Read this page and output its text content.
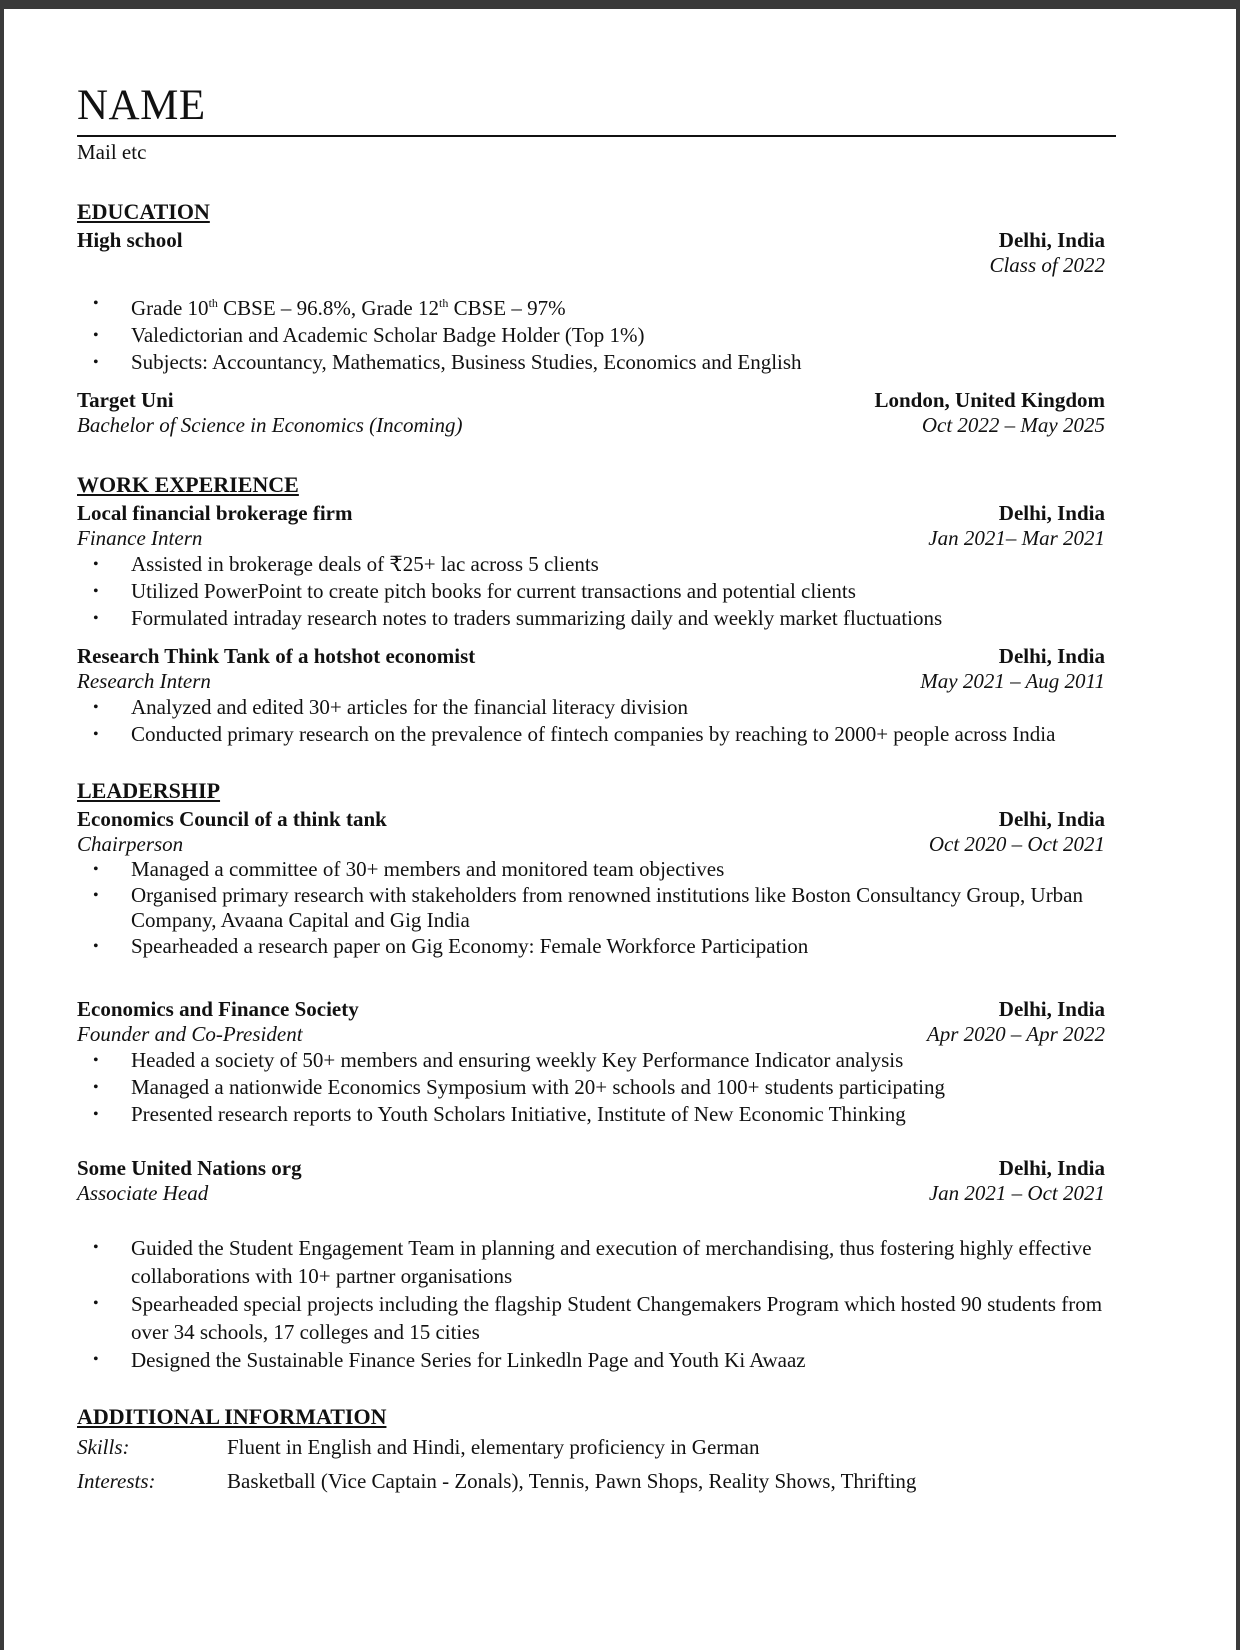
NAME
Mail etc
EDUCATION
High school	Delhi, India
Class of 2022
• Grade 10th CBSE – 96.8%, Grade 12th CBSE – 97%
• Valedictorian and Academic Scholar Badge Holder (Top 1%)
• Subjects: Accountancy, Mathematics, Business Studies, Economics and English
Target Uni	London, United Kingdom
Bachelor of Science in Economics (Incoming)	Oct 2022 – May 2025
WORK EXPERIENCE
Local financial brokerage firm	Delhi, India
Finance Intern	Jan 2021– Mar 2021
• Assisted in brokerage deals of ₹25+ lac across 5 clients
• Utilized PowerPoint to create pitch books for current transactions and potential clients
• Formulated intraday research notes to traders summarizing daily and weekly market fluctuations
Research Think Tank of a hotshot economist	Delhi, India
Research Intern	May 2021 – Aug 2011
• Analyzed and edited 30+ articles for the financial literacy division
• Conducted primary research on the prevalence of fintech companies by reaching to 2000+ people across India
LEADERSHIP
Economics Council of a think tank	Delhi, India
Chairperson	Oct 2020 – Oct 2021
• Managed a committee of 30+ members and monitored team objectives
• Organised primary research with stakeholders from renowned institutions like Boston Consultancy Group, Urban Company, Avaana Capital and Gig India
• Spearheaded a research paper on Gig Economy: Female Workforce Participation
Economics and Finance Society	Delhi, India
Founder and Co-President	Apr 2020 – Apr 2022
• Headed a society of 50+ members and ensuring weekly Key Performance Indicator analysis
• Managed a nationwide Economics Symposium with 20+ schools and 100+ students participating
• Presented research reports to Youth Scholars Initiative, Institute of New Economic Thinking
Some United Nations org	Delhi, India
Associate Head	Jan 2021 – Oct 2021
• Guided the Student Engagement Team in planning and execution of merchandising, thus fostering highly effective collaborations with 10+ partner organisations
• Spearheaded special projects including the flagship Student Changemakers Program which hosted 90 students from over 34 schools, 17 colleges and 15 cities
• Designed the Sustainable Finance Series for Linkedln Page and Youth Ki Awaaz
ADDITIONAL INFORMATION
Skills:	Fluent in English and Hindi, elementary proficiency in German
Interests:	Basketball (Vice Captain - Zonals), Tennis, Pawn Shops, Reality Shows, Thrifting
